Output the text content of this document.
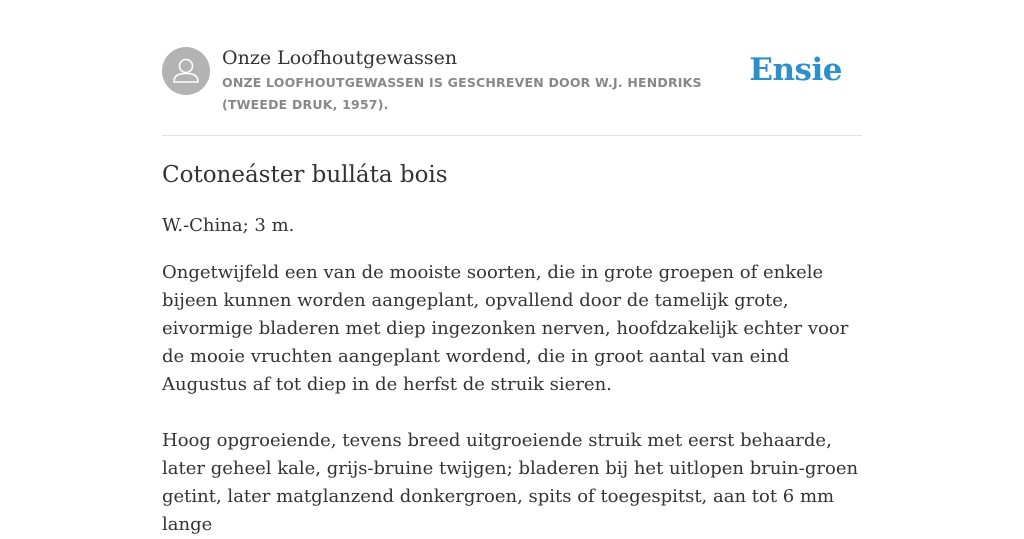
Onze Loofhoutgewassen
ONZE LOOFHOUTGEWASSEN IS GESCHREVEN DOOR W.J. HENDRIKS (TWEEDE DRUK, 1957).
Ensie
Cotoneáster bulláta bois

W.-China; 3 m.

Ongetwijfeld een van de mooiste soorten, die in grote groepen of enkele bijeen kunnen worden aangeplant, opvallend door de tamelijk grote, eivormige bladeren met diep ingezonken nerven, hoofdzakelijk echter voor de mooie vruchten aangeplant wordend, die in groot aantal van eind Augustus af tot diep in de herfst de struik sieren.

Hoog opgroeiende, tevens breed uitgroeiende struik met eerst behaarde, later geheel kale, grijs-bruine twijgen; bladeren bij het uitlopen bruin-groen getint, later matglanzend donkergroen, spits of toegespitst, aan tot 6 mm lange
